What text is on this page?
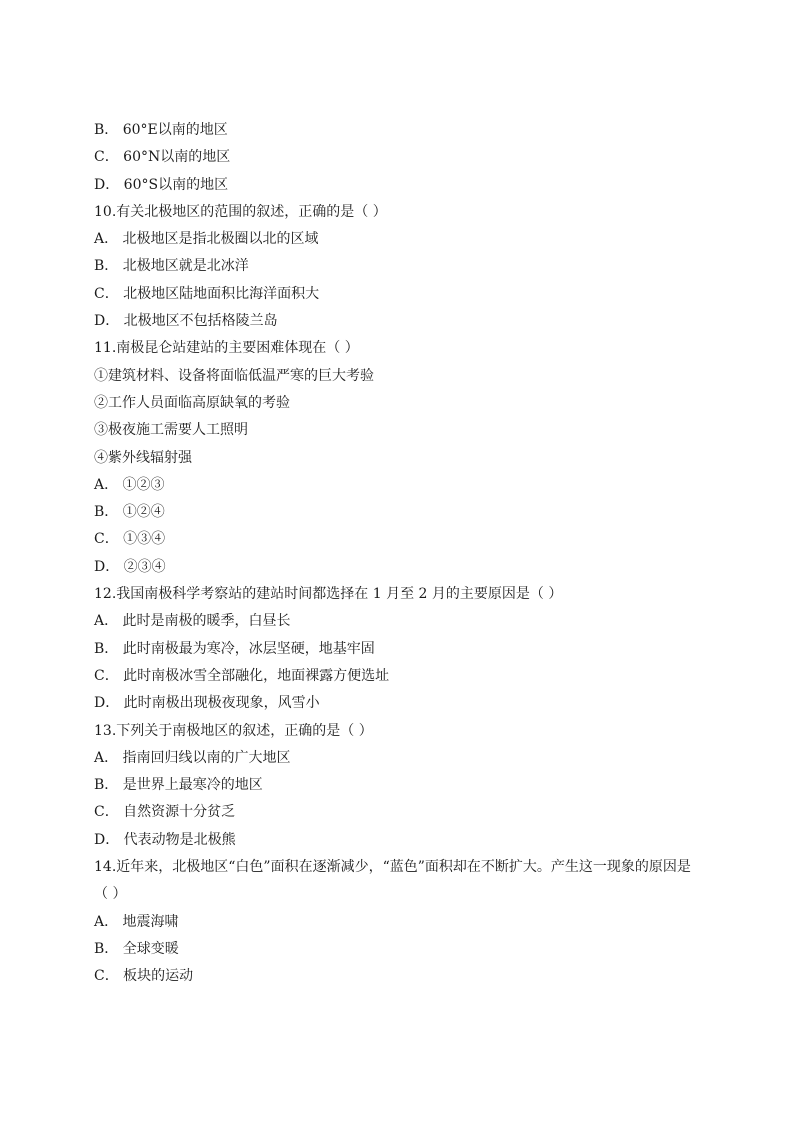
B． 60°E以南的地区
C． 60°N以南的地区
D． 60°S以南的地区
10.有关北极地区的范围的叙述，正确的是（ ）
A． 北极地区是指北极圈以北的区域
B． 北极地区就是北冰洋
C． 北极地区陆地面积比海洋面积大
D． 北极地区不包括格陵兰岛
11.南极昆仑站建站的主要困难体现在（ ）
①建筑材料、设备将面临低温严寒的巨大考验
②工作人员面临高原缺氧的考验
③极夜施工需要人工照明
④紫外线辐射强
A． ①②③
B． ①②④
C． ①③④
D． ②③④
12.我国南极科学考察站的建站时间都选择在 1 月至 2 月的主要原因是（ ）
A． 此时是南极的暖季，白昼长
B． 此时南极最为寒冷，冰层坚硬，地基牢固
C． 此时南极冰雪全部融化，地面裸露方便选址
D． 此时南极出现极夜现象，风雪小
13.下列关于南极地区的叙述，正确的是（ ）
A． 指南回归线以南的广大地区
B． 是世界上最寒冷的地区
C． 自然资源十分贫乏
D． 代表动物是北极熊
14.近年来，北极地区“白色”面积在逐渐减少，“蓝色”面积却在不断扩大。产生这一现象的原因是
（ ）
A． 地震海啸
B． 全球变暖
C． 板块的运动
